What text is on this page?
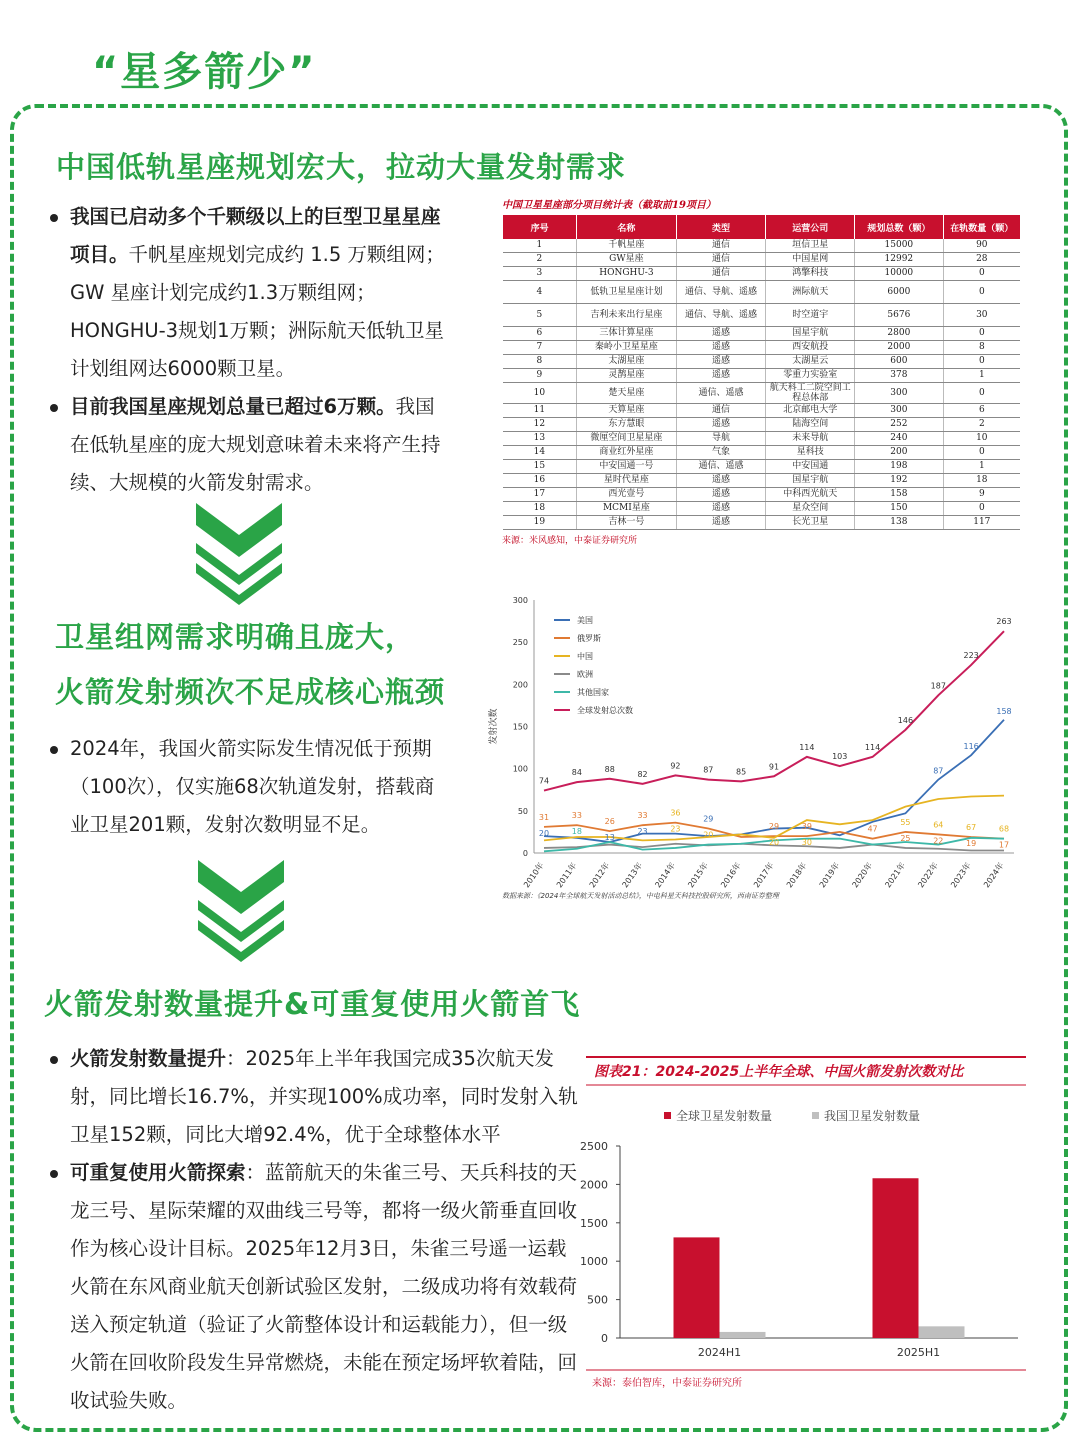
“星多箭少”
中国低轨星座规划宏大，拉动大量发射需求
我国已启动多个千颗级以上的巨型卫星星座项目。千帆星座规划完成约 1.5 万颗组网；GW 星座计划完成约1.3万颗组网；HONGHU-3规划1万颗；洲际航天低轨卫星计划组网达6000颗卫星。
目前我国星座规划总量已超过6万颗。我国在低轨星座的庞大规划意味着未来将产生持续、大规模的火箭发射需求。
卫星组网需求明确且庞大，
火箭发射频次不足成核心瓶颈
2024年，我国火箭实际发生情况低于预期（100次），仅实施68次轨道发射，搭载商业卫星201颗，发射次数明显不足。
火箭发射数量提升&可重复使用火箭首飞
火箭发射数量提升：2025年上半年我国完成35次航天发射，同比增长16.7%，并实现100%成功率，同时发射入轨卫星152颗，同比大增92.4%，优于全球整体水平
可重复使用火箭探索：蓝箭航天的朱雀三号、天兵科技的天龙三号、星际荣耀的双曲线三号等，都将一级火箭垂直回收作为核心设计目标。2025年12月3日，朱雀三号遥一运载火箭在东风商业航天创新试验区发射，二级成功将有效载荷送入预定轨道（验证了火箭整体设计和运载能力），但一级火箭在回收阶段发生异常燃烧，未能在预定场坪软着陆，回收试验失败。
中国卫星星座部分项目统计表（截取前19项目）
序号	名称	类型	运营公司	规划总数（颗）	在轨数量（颗）
1	千帆星座	通信	垣信卫星	15000	90
2	GW星座	通信	中国星网	12992	28
3	HONGHU-3	通信	鸿擎科技	10000	0
4	低轨卫星星座计划	通信、导航、遥感	洲际航天	6000	0
5	吉利未来出行星座	通信、导航、遥感	时空道宇	5676	30
6	三体计算星座	遥感	国星宇航	2800	0
7	秦岭小卫星星座	遥感	西安航投	2000	8
8	太湖星座	遥感	太湖星云	600	0
9	灵鹊星座	遥感	零重力实验室	378	1
10	楚天星座	通信、遥感	航天科工二院空间工程总体部	300	0
11	天算星座	通信	北京邮电大学	300	6
12	东方慧眼	遥感	陆海空间	252	2
13	微厘空间卫星星座	导航	未来导航	240	10
14	商业红外星座	气象	星科技	200	0
15	中安国通一号	通信、遥感	中安国通	198	1
16	星时代星座	遥感	国星宇航	192	18
17	西光壹号	遥感	中科西光航天	158	9
18	MCMI星座	遥感	星众空间	150	0
19	吉林一号	遥感	长光卫星	138	117
来源：米风感知，中泰证券研究所
0
50
100
150
200
250
300
发射次数
2010年 2011年 2012年 2013年 2014年 2015年 2016年 2017年 2018年 2019年 2020年 2021年 2022年 2023年 2024年
美国
俄罗斯
中国
欧洲
其他国家
全球发射总次数
74
84	88
82
92	87	85
91
114
103
114
146
187
223
263
87
116
158
31
20
33
18
26
13
33
23
36
23
29
20
29
20
39
30
47
55
25
64
22
67
19
68
17
数据来源：《2024年全球航天发射活动总结》，中电科星天科技控股研究所，西南证券整理
图表21：2024-2025上半年全球、中国火箭发射次数对比
全球卫星发射数量	我国卫星发射数量
0
500
1000
1500
2000
2500
2024H1	2025H1
来源：泰伯智库，中泰证券研究所
